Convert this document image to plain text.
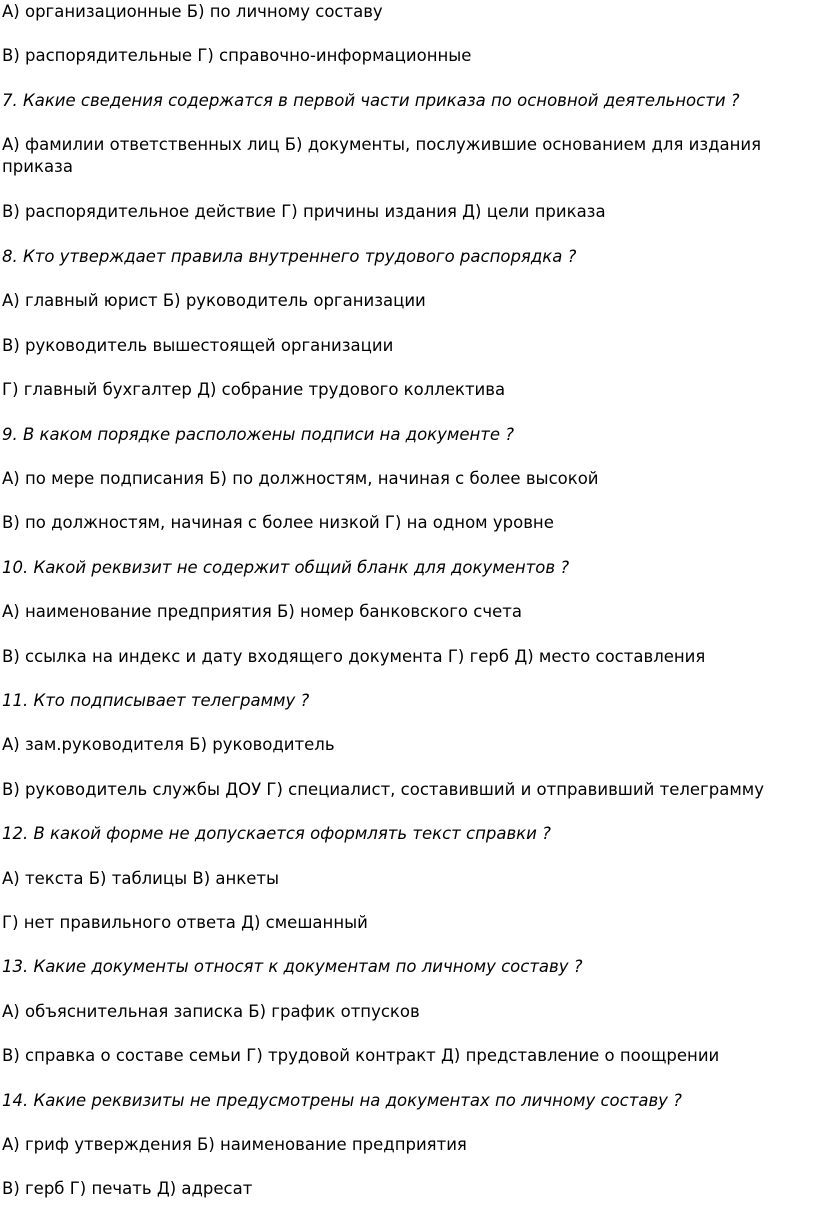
А) организационные Б) по личному составу

В) распорядительные Г) справочно-информационные

7. Какие сведения содержатся в первой части приказа по основной деятельности ?

А) фамилии ответственных лиц Б) документы, послужившие основанием для издания приказа

В) распорядительное действие Г) причины издания Д) цели приказа

8. Кто утверждает правила внутреннего трудового распорядка ?

А) главный юрист Б) руководитель организации

В) руководитель вышестоящей организации

Г) главный бухгалтер Д) собрание трудового коллектива

9. В каком порядке расположены подписи на документе ?

А) по мере подписания Б) по должностям, начиная с более высокой

В) по должностям, начиная с более низкой Г) на одном уровне

10. Какой реквизит не содержит общий бланк для документов ?

А) наименование предприятия Б) номер банковского счета

В) ссылка на индекс и дату входящего документа Г) герб Д) место составления

11. Кто подписывает телеграмму ?

А) зам.руководителя Б) руководитель

В) руководитель службы ДОУ Г) специалист, составивший и отправивший телеграмму

12. В какой форме не допускается оформлять текст справки ?

А) текста Б) таблицы В) анкеты

Г) нет правильного ответа Д) смешанный

13. Какие документы относят к документам по личному составу ?

А) объяснительная записка Б) график отпусков

В) справка о составе семьи Г) трудовой контракт Д) представление о поощрении

14. Какие реквизиты не предусмотрены на документах по личному составу ?

А) гриф утверждения Б) наименование предприятия

В) герб Г) печать Д) адресат
